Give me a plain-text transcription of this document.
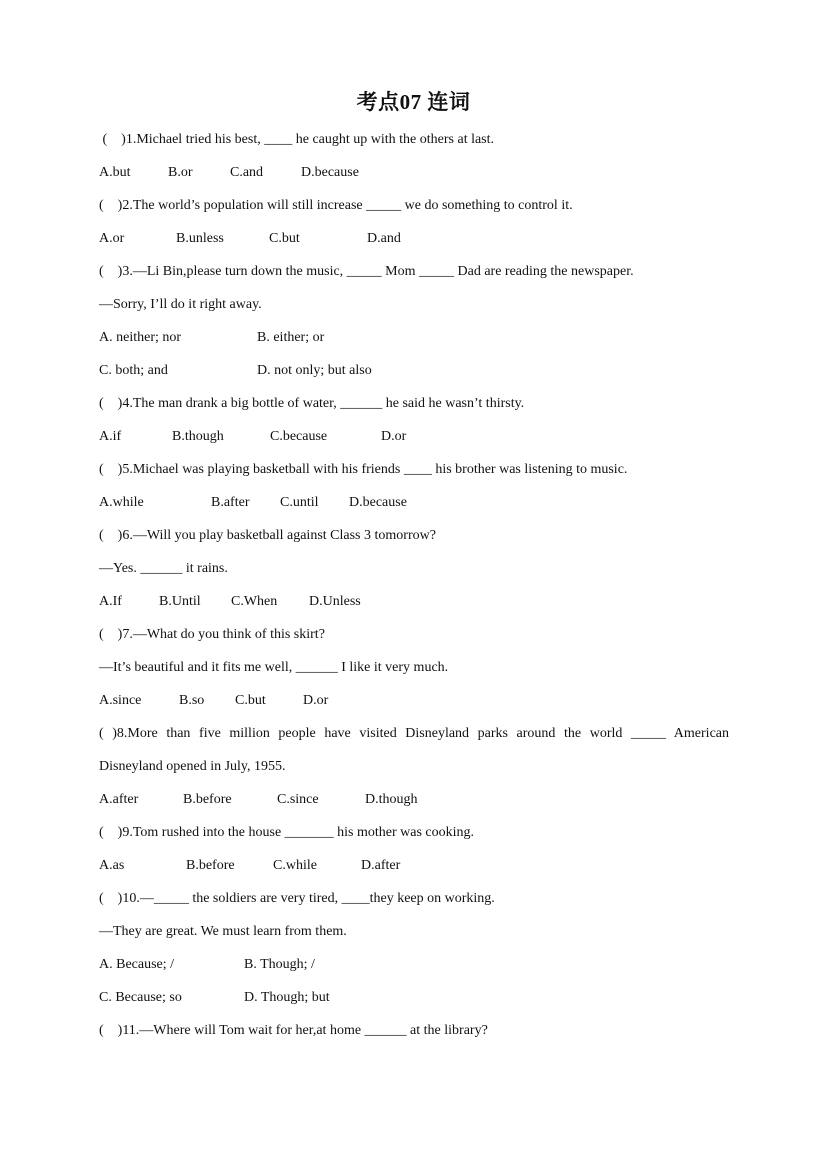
考点07 连词
(    )1.Michael tried his best, ____ he caught up with the others at last.
A.but	B.or	C.and	D.because
(    )2.The world’s population will still increase _____ we do something to control it.
A.or	B.unless	C.but	D.and
(    )3.—Li Bin,please turn down the music, _____ Mom _____ Dad are reading the newspaper.
—Sorry, I’ll do it right away.
A. neither; nor	B. either; or
C. both; and	D. not only; but also
(    )4.The man drank a big bottle of water, ______ he said he wasn’t thirsty.
A.if	B.though	C.because	D.or
(    )5.Michael was playing basketball with his friends ____ his brother was listening to music.
A.while	B.after C.until D.because
(    )6.—Will you play basketball against Class 3 tomorrow?
—Yes. ______ it rains.
A.If	B.Until C.When D.Unless
(    )7.—What do you think of this skirt?
—It’s beautiful and it fits me well, ______ I like it very much.
A.since	B.so C.but	D.or
( )8.More than five million people have visited Disneyland parks around the world _____ American
Disneyland opened in July, 1955.
A.after	B.before	C.since	D.though
(    )9.Tom rushed into the house _______ his mother was cooking.
A.as	B.before	C.while	D.after
(    )10.—_____ the soldiers are very tired, ____they keep on working.
—They are great. We must learn from them.
A. Because; /	B. Though; /
C. Because; so	D. Though; but
(    )11.—Where will Tom wait for her,at home ______ at the library?
